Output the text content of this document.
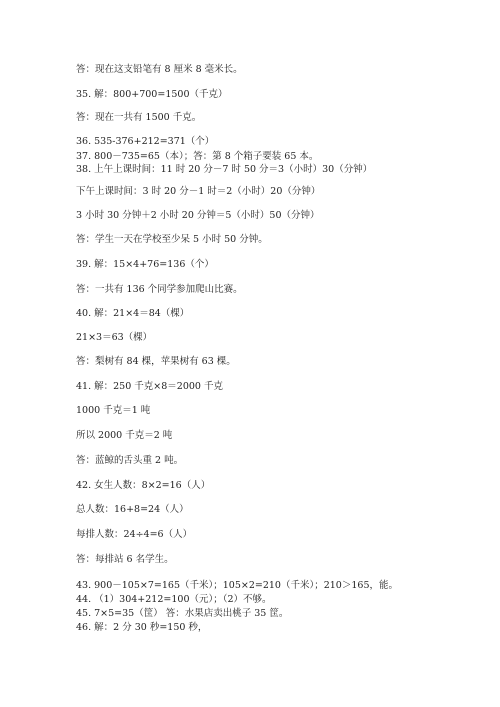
答：现在这支铅笔有 8 厘米 8 毫米长。
35. 解：800+700=1500（千克）
答：现在一共有 1500 千克。
36. 535-376+212=371（个）
37. 800－735=65（本）；答：第 8 个箱子要装 65 本。
38. 上午上课时间：11 时 20 分－7 时 50 分＝3（小时）30（分钟）
下午上课时间：3 时 20 分－1 时＝2（小时）20（分钟）
3 小时 30 分钟＋2 小时 20 分钟＝5（小时）50（分钟）
答：学生一天在学校至少呆 5 小时 50 分钟。
39. 解：15×4+76=136（个）
答：一共有 136 个同学参加爬山比赛。
40. 解：21×4＝84（棵）
21×3＝63（棵）
答：梨树有 84 棵，苹果树有 63 棵。
41. 解：250 千克×8＝2000 千克
1000 千克＝1 吨
所以 2000 千克＝2 吨
答：蓝鲸的舌头重 2 吨。
42. 女生人数：8×2=16（人）
总人数：16+8=24（人）
每排人数：24÷4=6（人）
答：每排站 6 名学生。
43. 900－105×7=165（千米）；105×2=210（千米）；210＞165，能。
44. （1）304+212=100（元）；（2）不够。
45. 7×5=35（筐） 答：水果店卖出桃子 35 筐。
46. 解：2 分 30 秒=150 秒，
